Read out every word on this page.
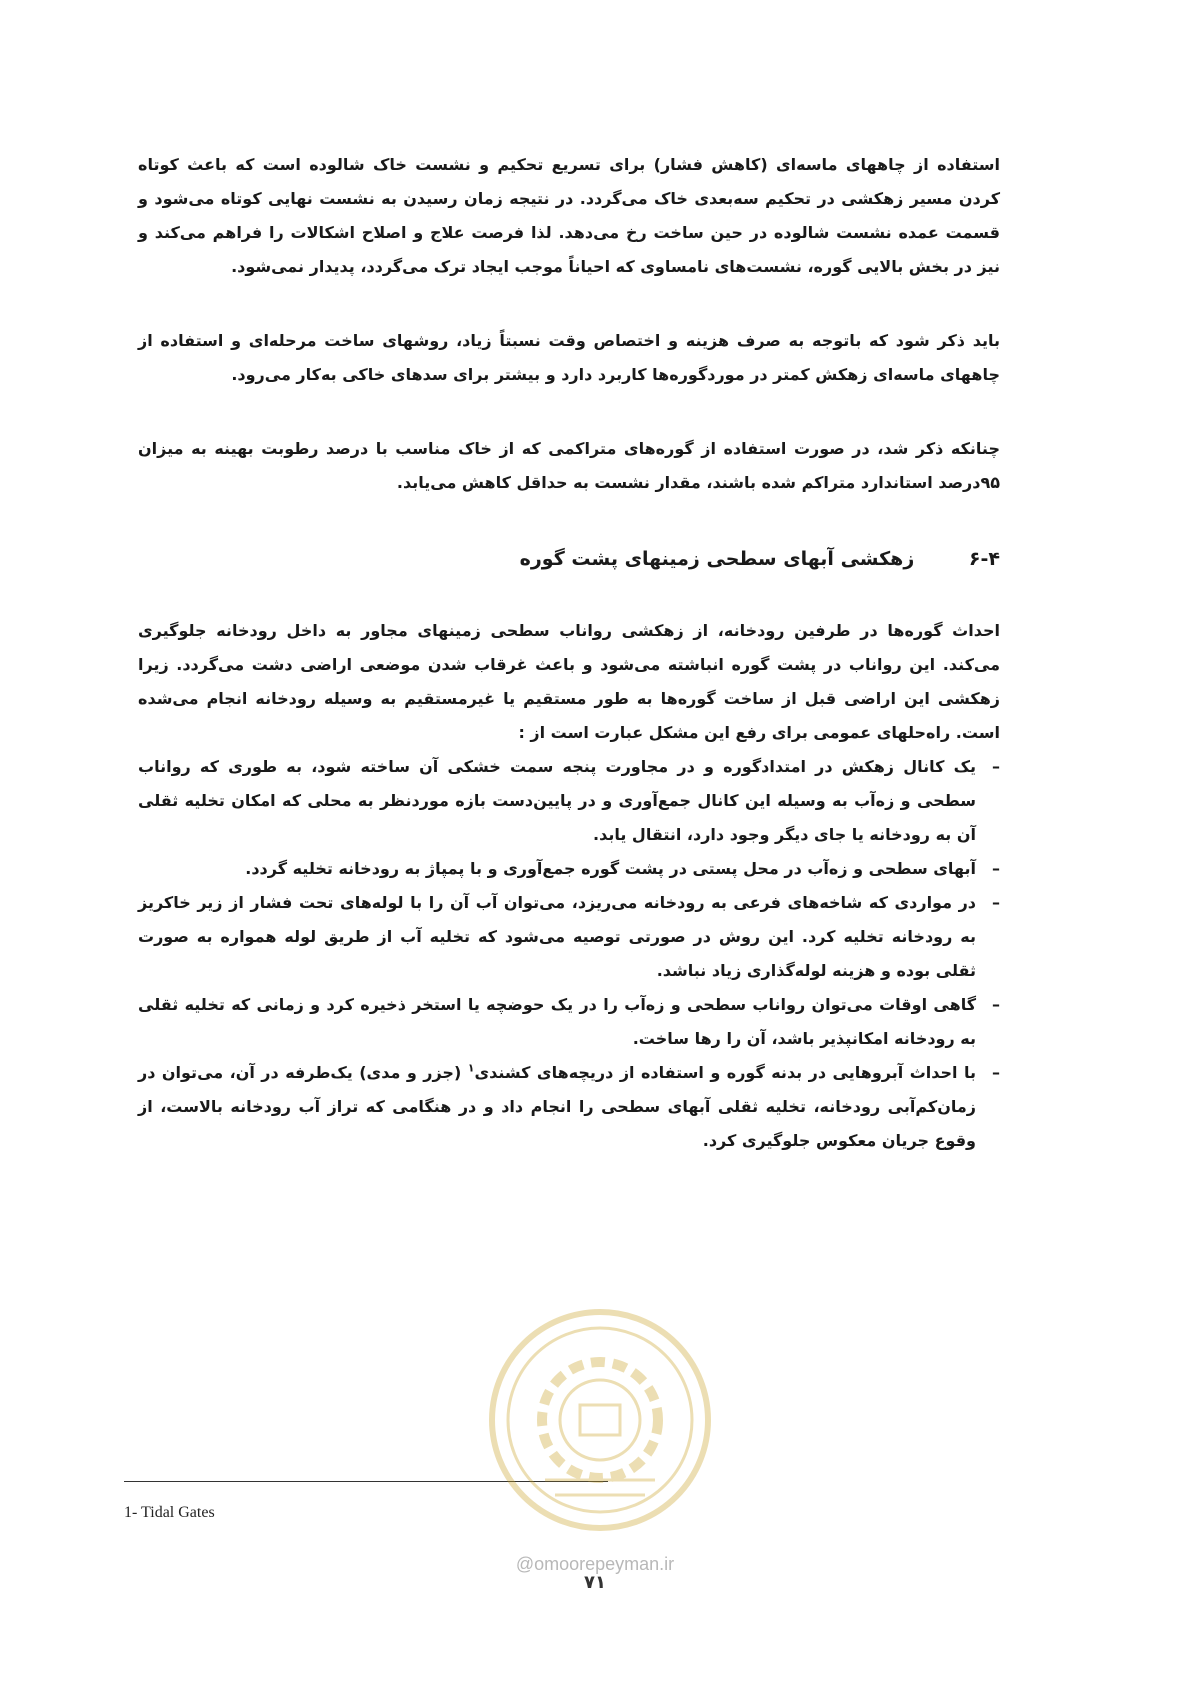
استفاده از چاههای ماسه‌ای (کاهش فشار) برای تسریع تحکیم و نشست خاک شالوده است که باعث کوتاه کردن مسیر زهکشی در تحکیم سه‌بعدی خاک می‌گردد. در نتیجه زمان رسیدن به نشست نهایی کوتاه می‌شود و قسمت عمده نشست شالوده در حین ساخت رخ می‌دهد. لذا فرصت علاج و اصلاح اشکالات را فراهم می‌کند و نیز در بخش بالایی گوره، نشست‌های نامساوی که احیاناً موجب ایجاد ترک می‌گردد، پدیدار نمی‌شود.

باید ذکر شود که باتوجه به صرف هزینه و اختصاص وقت نسبتاً زیاد، روشهای ساخت مرحله‌ای و استفاده از چاههای ماسه‌ای زهکش کمتر در موردگوره‌ها کاربرد دارد و بیشتر برای سدهای خاکی به‌کار می‌رود.

چنانکه ذکر شد، در صورت استفاده از گوره‌های متراکمی که از خاک مناسب با درصد رطوبت بهینه به میزان ۹۵درصد استاندارد متراکم شده باشند، مقدار نشست به حداقل کاهش می‌یابد.

۶-۴ زهکشی آبهای سطحی زمینهای پشت گوره

احداث گوره‌ها در طرفین رودخانه، از زهکشی رواناب سطحی زمینهای مجاور به داخل رودخانه جلوگیری می‌کند. این رواناب در پشت گوره انباشته می‌شود و باعث غرقاب شدن موضعی اراضی دشت می‌گردد. زیرا زهکشی این اراضی قبل از ساخت گوره‌ها به طور مستقیم یا غیرمستقیم به وسیله رودخانه انجام می‌شده است. راه‌حلهای عمومی برای رفع این مشکل عبارت است از :

–
یک کانال زهکش در امتدادگوره و در مجاورت پنجه سمت خشکی آن ساخته شود، به طوری که رواناب سطحی و زه‌آب به وسیله این کانال جمع‌آوری و در پایین‌دست بازه موردنظر به محلی که امکان تخلیه ثقلی آن به رودخانه یا جای دیگر وجود دارد، انتقال یابد.
–
آبهای سطحی و زه‌آب در محل پستی در پشت گوره جمع‌آوری و با پمپاژ به رودخانه تخلیه گردد.
–
در مواردی که شاخه‌های فرعی به رودخانه می‌ریزد، می‌توان آب آن را با لوله‌های تحت فشار از زیر خاکریز به رودخانه تخلیه کرد. این روش در صورتی توصیه می‌شود که تخلیه آب از طریق لوله همواره به صورت ثقلی بوده و هزینه لوله‌گذاری زیاد نباشد.
–
گاهی اوقات می‌توان رواناب سطحی و زه‌آب را در یک حوضچه یا استخر ذخیره کرد و زمانی که تخلیه ثقلی به رودخانه امکانپذیر باشد، آن را رها ساخت.
–
با احداث آبروهایی در بدنه گوره و استفاده از دریچه‌های کشندی$^۱$ (جزر و مدی) یک‌طرفه در آن، می‌توان در زمان‌کم‌آبی رودخانه، تخلیه ثقلی آبهای سطحی را انجام داد و در هنگامی که تراز آب رودخانه بالاست، از وقوع جریان معکوس جلوگیری کرد.
1- Tidal Gates
@omoorepeyman.ir
۷۱
